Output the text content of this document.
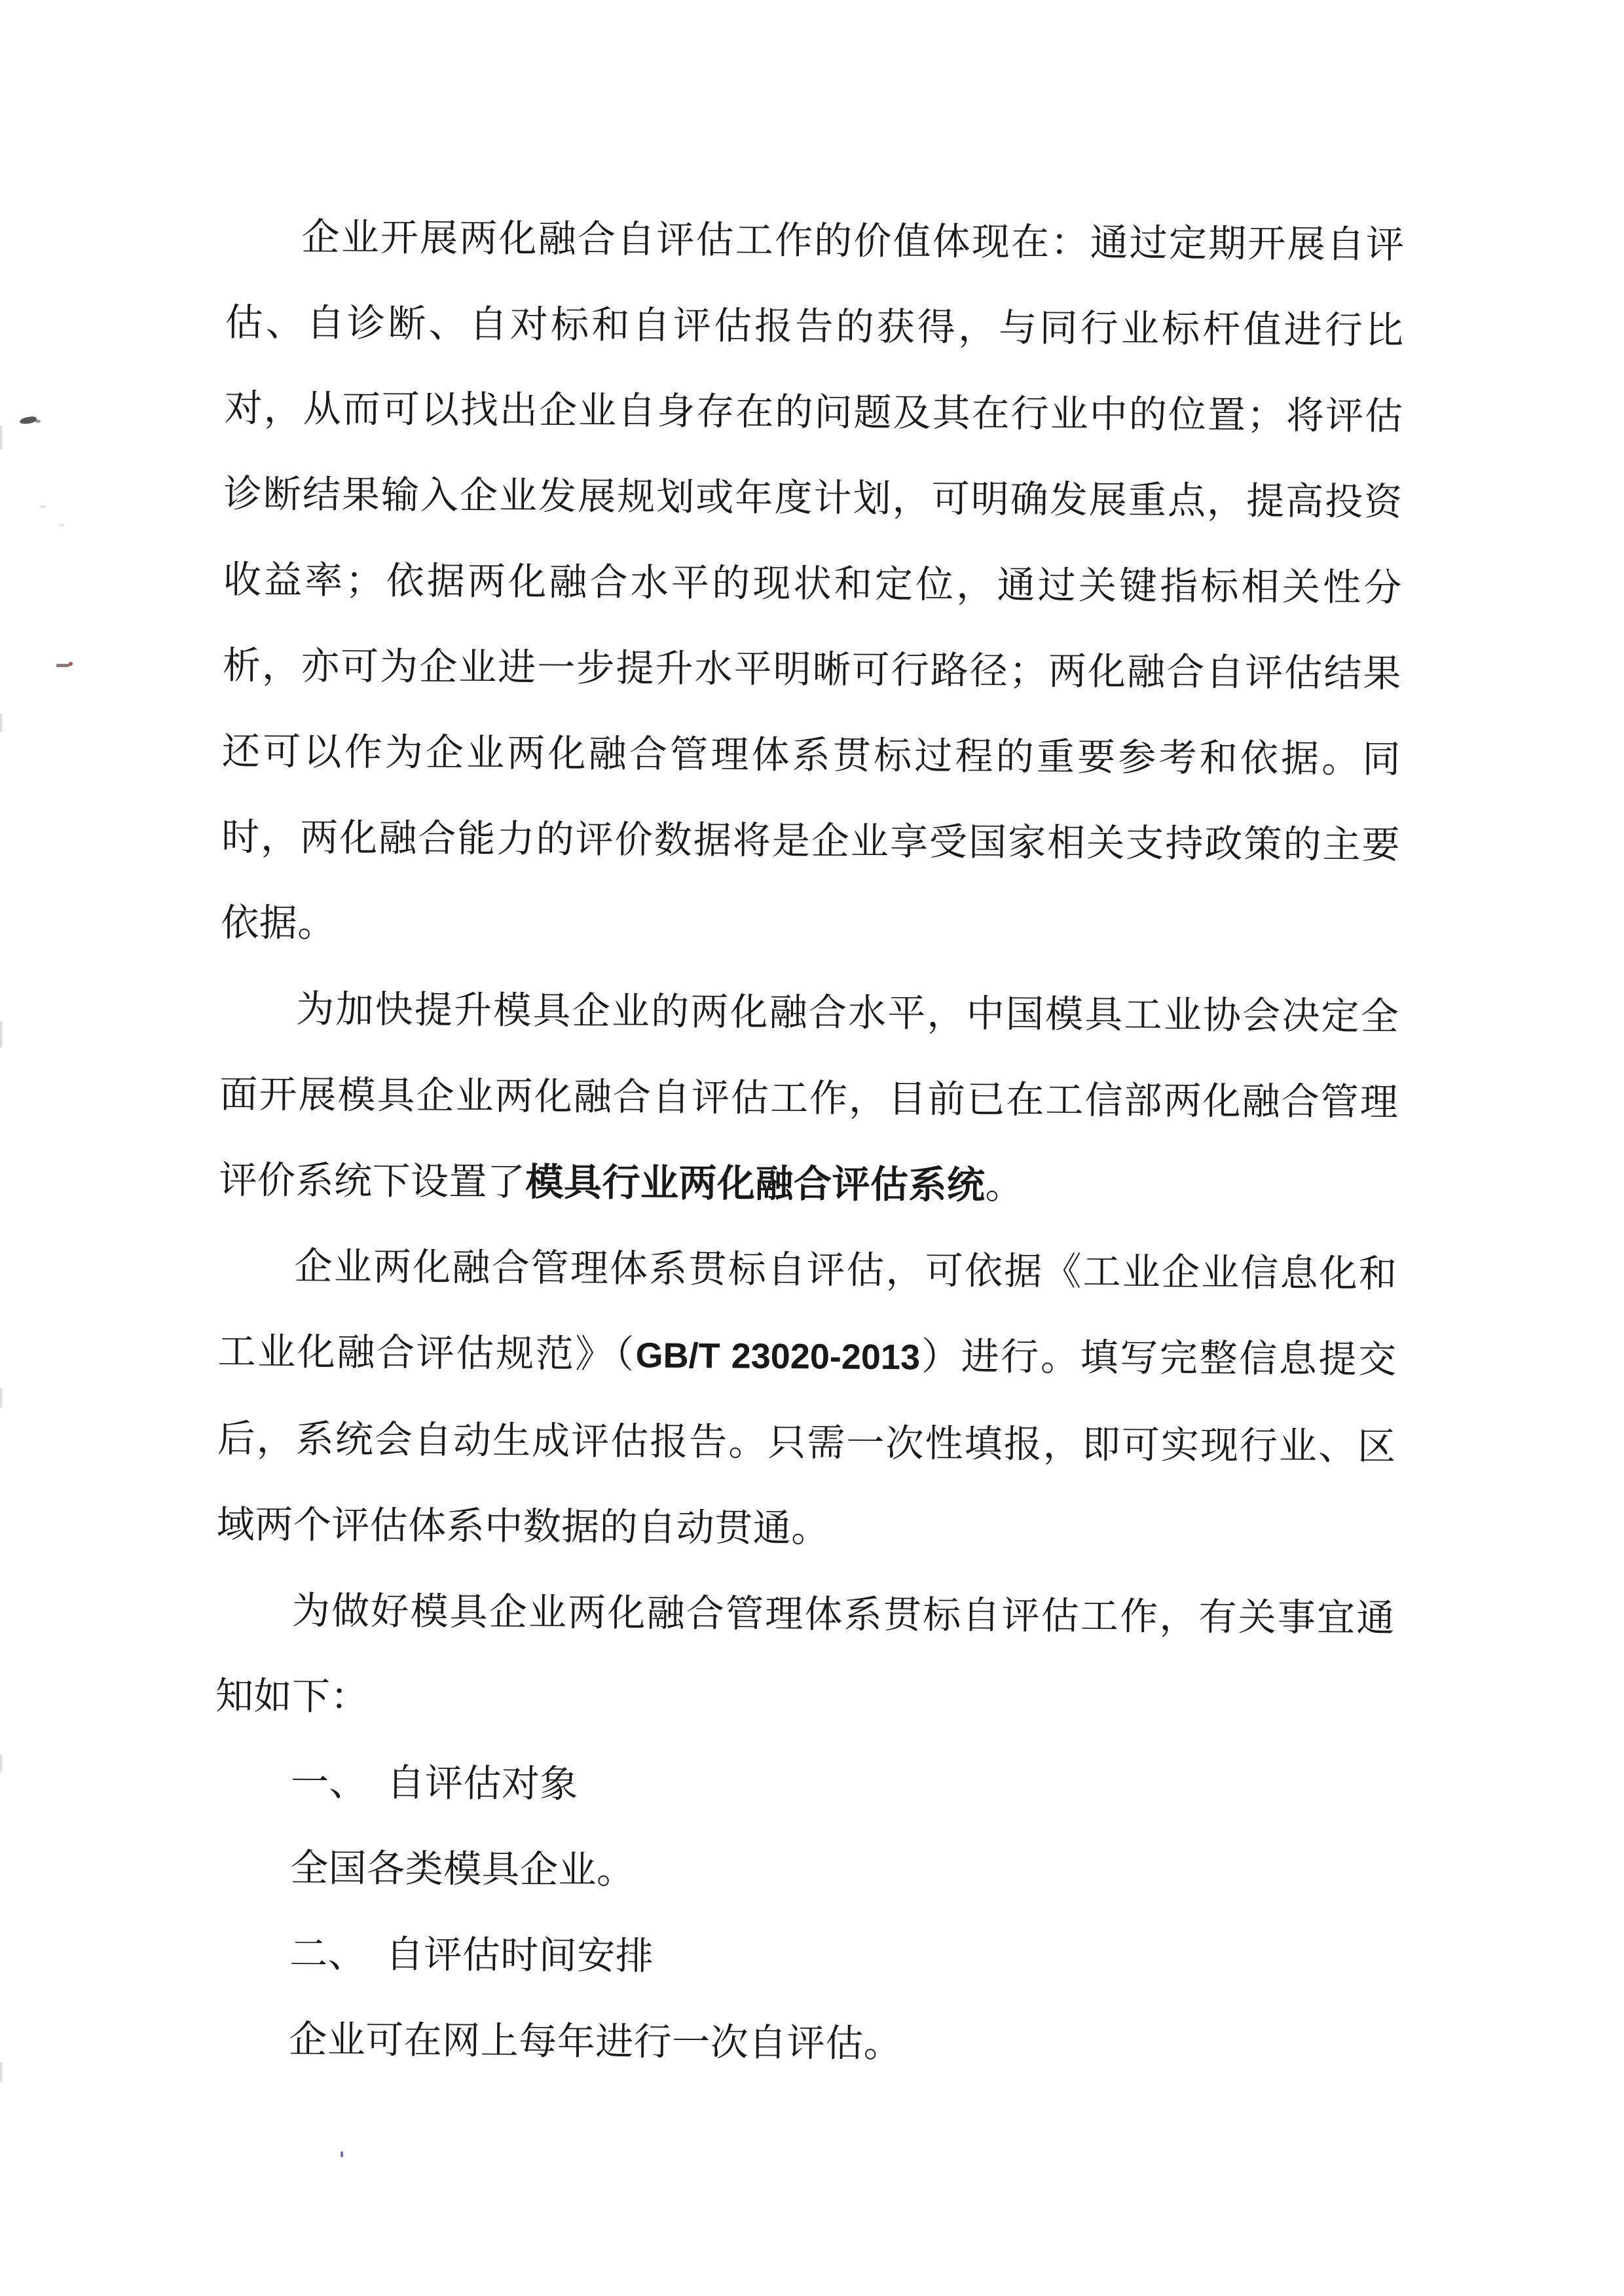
企业开展两化融合自评估工作的价值体现在：通过定期开展自评估、自诊断、自对标和自评估报告的获得，与同行业标杆值进行比对，从而可以找出企业自身存在的问题及其在行业中的位置；将评估诊断结果输入企业发展规划或年度计划，可明确发展重点，提高投资收益率；依据两化融合水平的现状和定位，通过关键指标相关性分析，亦可为企业进一步提升水平明晰可行路径；两化融合自评估结果还可以作为企业两化融合管理体系贯标过程的重要参考和依据。同时，两化融合能力的评价数据将是企业享受国家相关支持政策的主要依据。

为加快提升模具企业的两化融合水平，中国模具工业协会决定全面开展模具企业两化融合自评估工作，目前已在工信部两化融合管理评价系统下设置了模具行业两化融合评估系统。

企业两化融合管理体系贯标自评估，可依据《工业企业信息化和工业化融合评估规范》（GB/T 23020-2013）进行。填写完整信息提交后，系统会自动生成评估报告。只需一次性填报，即可实现行业、区域两个评估体系中数据的自动贯通。

为做好模具企业两化融合管理体系贯标自评估工作，有关事宜通知如下：

一、　自评估对象

全国各类模具企业。

二、　自评估时间安排

企业可在网上每年进行一次自评估。
